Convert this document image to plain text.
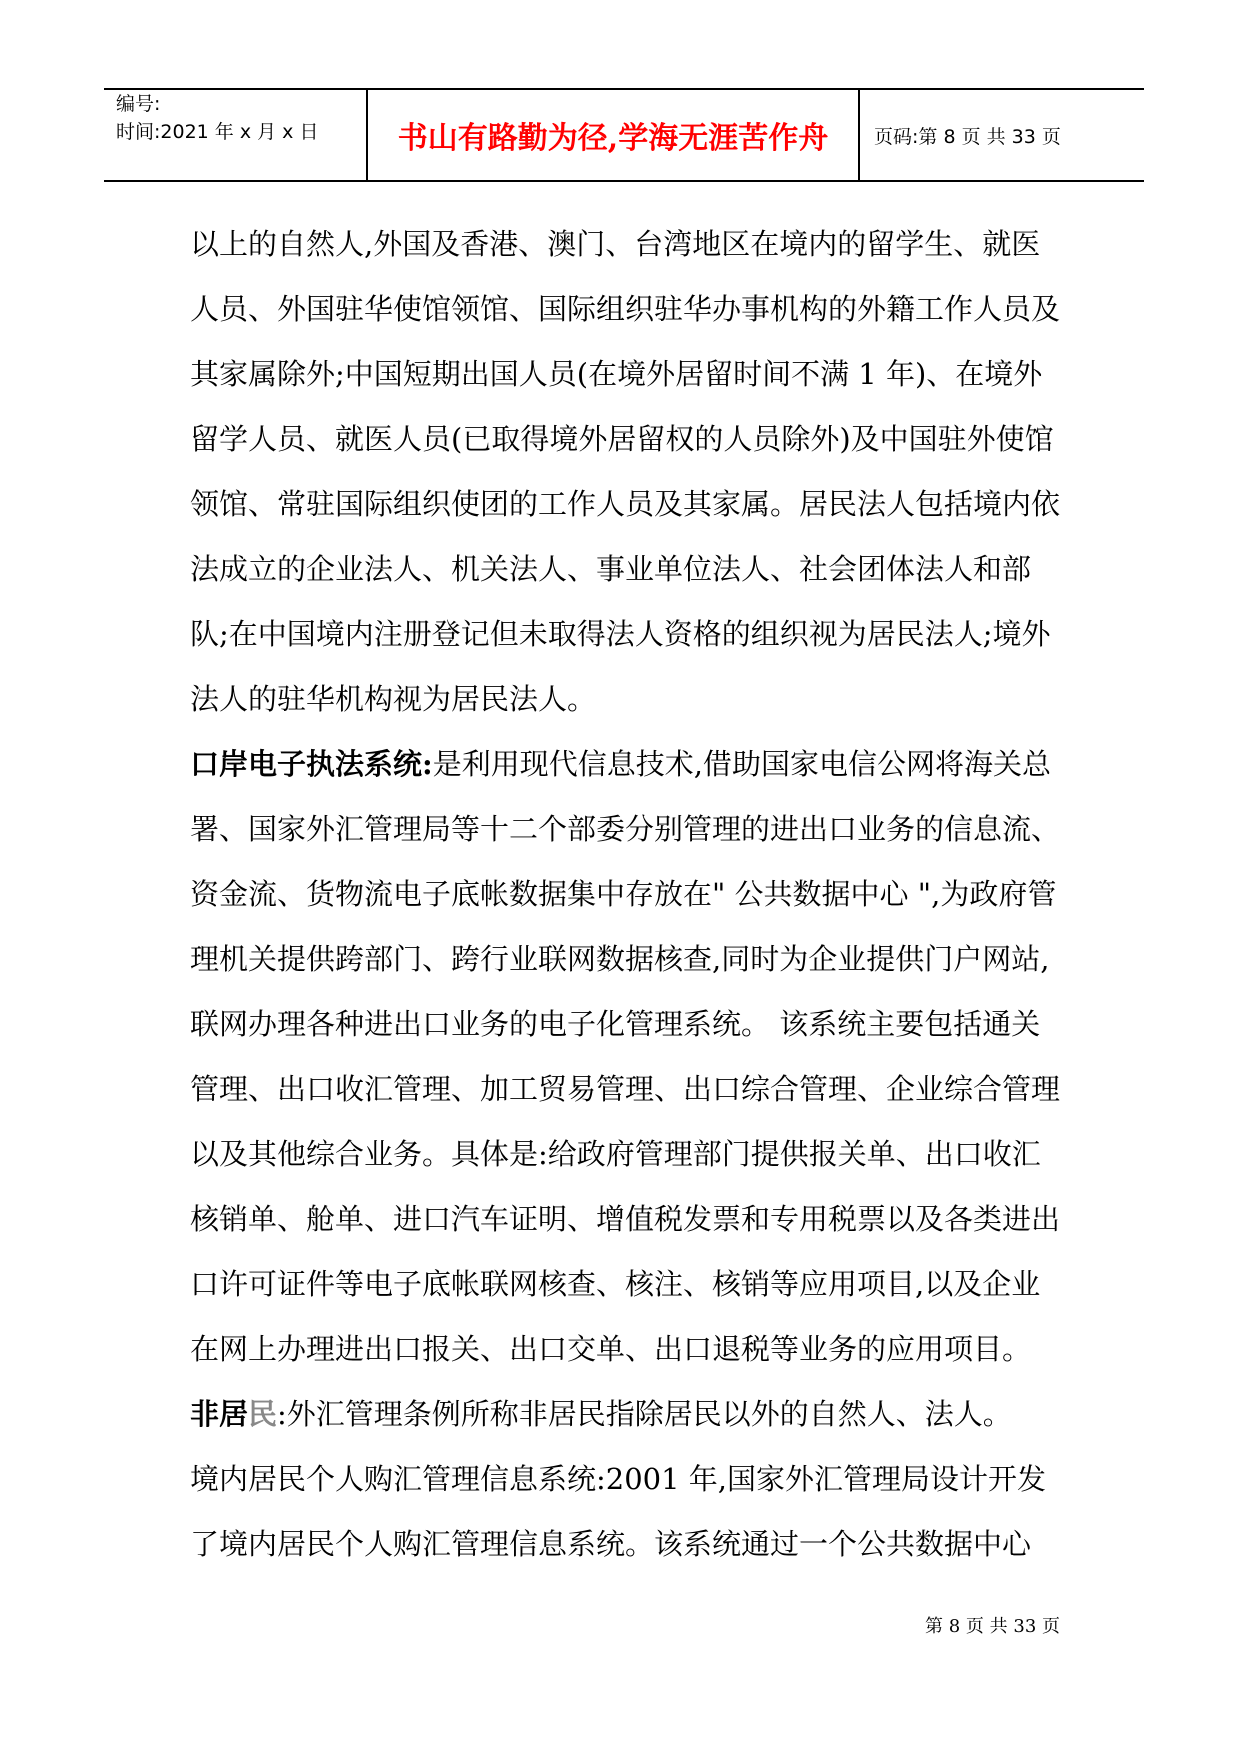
编号:
时间:2021 年 x 月 x 日	书山有路勤为径,学海无涯苦作舟	页码:第 8 页 共 33 页

以上的自然人,外国及香港、澳门、台湾地区在境内的留学生、就医人员、外国驻华使馆领馆、国际组织驻华办事机构的外籍工作人员及其家属除外;中国短期出国人员(在境外居留时间不满 1 年)、在境外留学人员、就医人员(已取得境外居留权的人员除外)及中国驻外使馆领馆、常驻国际组织使团的工作人员及其家属。居民法人包括境内依法成立的企业法人、机关法人、事业单位法人、社会团体法人和部队;在中国境内注册登记但未取得法人资格的组织视为居民法人;境外法人的驻华机构视为居民法人。

口岸电子执法系统:是利用现代信息技术,借助国家电信公网将海关总署、国家外汇管理局等十二个部委分别管理的进出口业务的信息流、资金流、货物流电子底帐数据集中存放在" 公共数据中心 ",为政府管理机关提供跨部门、跨行业联网数据核查,同时为企业提供门户网站,联网办理各种进出口业务的电子化管理系统。 该系统主要包括通关管理、出口收汇管理、加工贸易管理、出口综合管理、企业综合管理以及其他综合业务。具体是:给政府管理部门提供报关单、出口收汇核销单、舱单、进口汽车证明、增值税发票和专用税票以及各类进出口许可证件等电子底帐联网核查、核注、核销等应用项目,以及企业在网上办理进出口报关、出口交单、出口退税等业务的应用项目。

非居民:外汇管理条例所称非居民指除居民以外的自然人、法人。

境内居民个人购汇管理信息系统:2001 年,国家外汇管理局设计开发了境内居民个人购汇管理信息系统。该系统通过一个公共数据中心

第 8 页 共 33 页
